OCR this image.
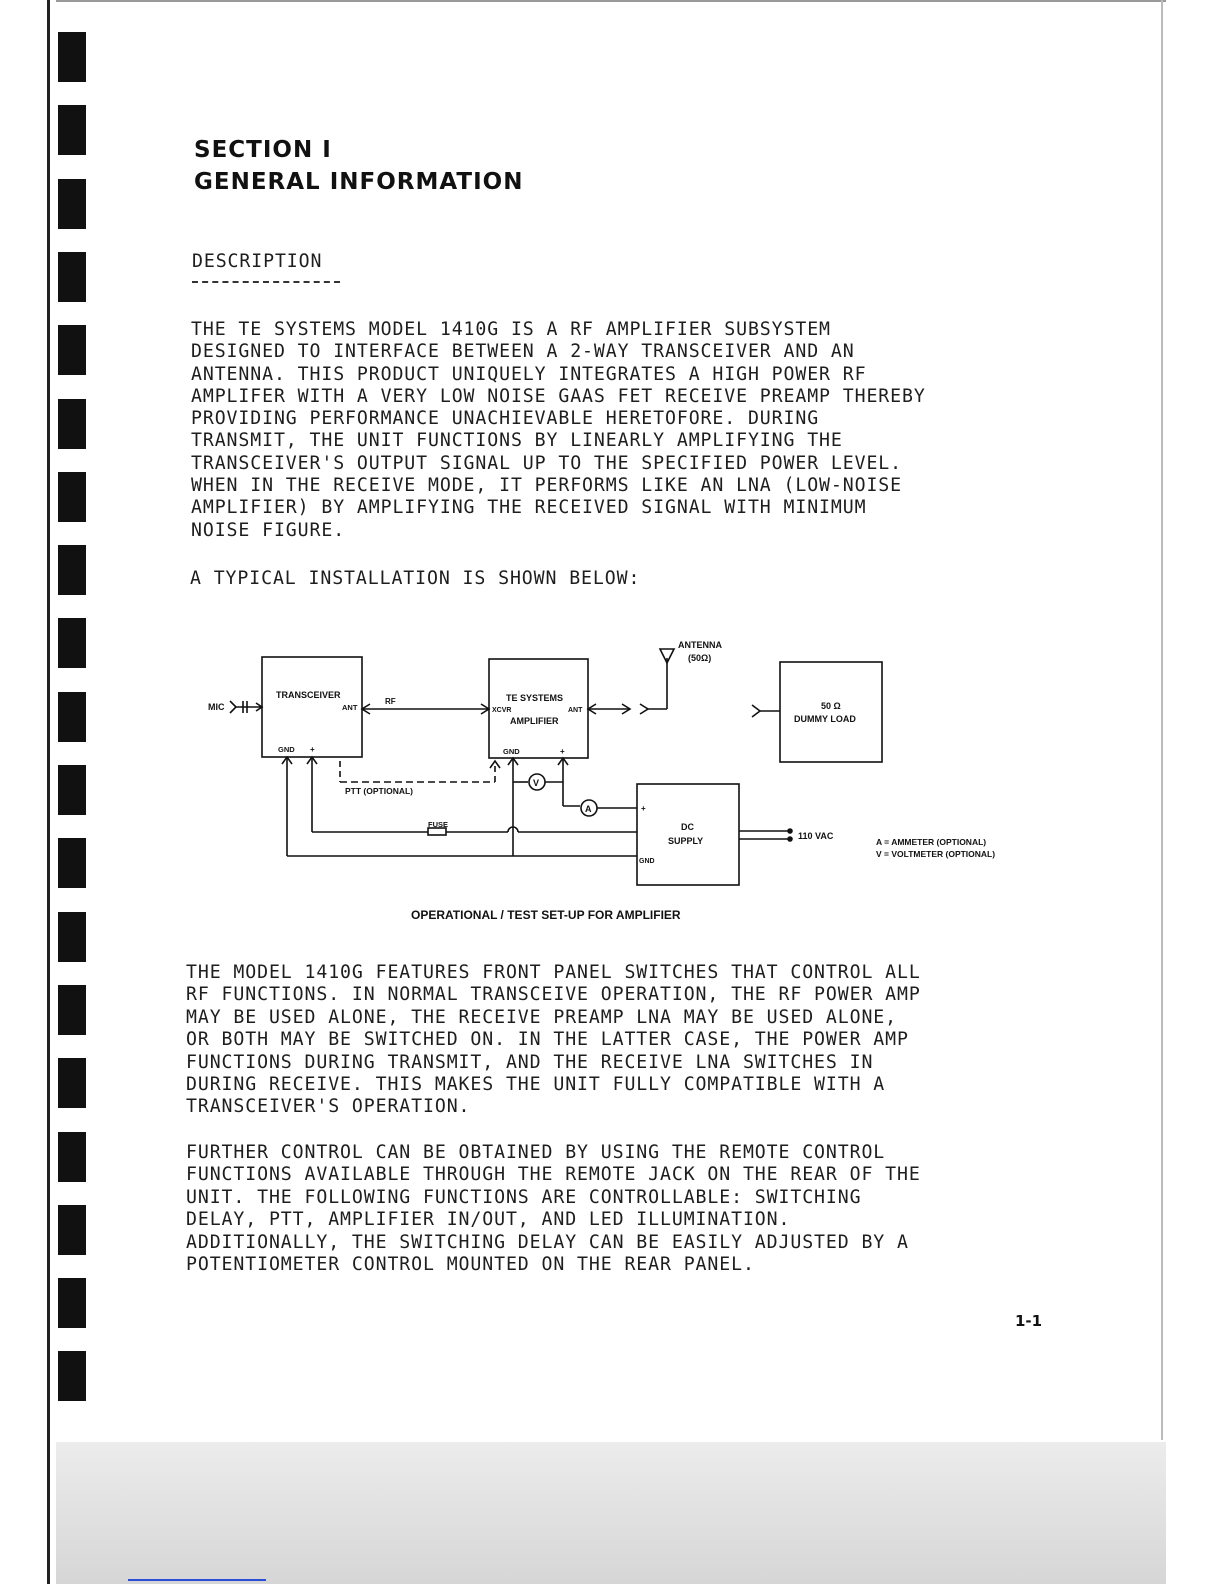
SECTION I
GENERAL INFORMATION
DESCRIPTION
THE TE SYSTEMS MODEL 1410G IS A RF AMPLIFIER SUBSYSTEM
DESIGNED TO INTERFACE BETWEEN A 2-WAY TRANSCEIVER AND AN
ANTENNA. THIS PRODUCT UNIQUELY INTEGRATES A HIGH POWER RF
AMPLIFER WITH A VERY LOW NOISE GAAS FET RECEIVE PREAMP THEREBY
PROVIDING PERFORMANCE UNACHIEVABLE HERETOFORE. DURING
TRANSMIT, THE UNIT FUNCTIONS BY LINEARLY AMPLIFYING THE
TRANSCEIVER'S OUTPUT SIGNAL UP TO THE SPECIFIED POWER LEVEL.
WHEN IN THE RECEIVE MODE, IT PERFORMS LIKE AN LNA (LOW-NOISE
AMPLIFIER) BY AMPLIFYING THE RECEIVED SIGNAL WITH MINIMUM
NOISE FIGURE.
A TYPICAL INSTALLATION IS SHOWN BELOW:
MIC
TRANSCEIVER
ANT
GND +
RF	TE SYSTEMS
AMPLIFIER
XCVR	ANT
GND	+
ANTENNA
(50Ω)
50 Ω
DUMMY LOAD
PTT (OPTIONAL)
FUSE
V
A
DC
SUPPLY
+
GND
110 VAC
A = AMMETER (OPTIONAL)
V = VOLTMETER (OPTIONAL)
OPERATIONAL / TEST SET-UP FOR AMPLIFIER
THE MODEL 1410G FEATURES FRONT PANEL SWITCHES THAT CONTROL ALL
RF FUNCTIONS. IN NORMAL TRANSCEIVE OPERATION, THE RF POWER AMP
MAY BE USED ALONE, THE RECEIVE PREAMP LNA MAY BE USED ALONE,
OR BOTH MAY BE SWITCHED ON. IN THE LATTER CASE, THE POWER AMP
FUNCTIONS DURING TRANSMIT, AND THE RECEIVE LNA SWITCHES IN
DURING RECEIVE. THIS MAKES THE UNIT FULLY COMPATIBLE WITH A
TRANSCEIVER'S OPERATION.
FURTHER CONTROL CAN BE OBTAINED BY USING THE REMOTE CONTROL
FUNCTIONS AVAILABLE THROUGH THE REMOTE JACK ON THE REAR OF THE
UNIT. THE FOLLOWING FUNCTIONS ARE CONTROLLABLE: SWITCHING
DELAY, PTT, AMPLIFIER IN/OUT, AND LED ILLUMINATION.
ADDITIONALLY, THE SWITCHING DELAY CAN BE EASILY ADJUSTED BY A
POTENTIOMETER CONTROL MOUNTED ON THE REAR PANEL.
1-1
